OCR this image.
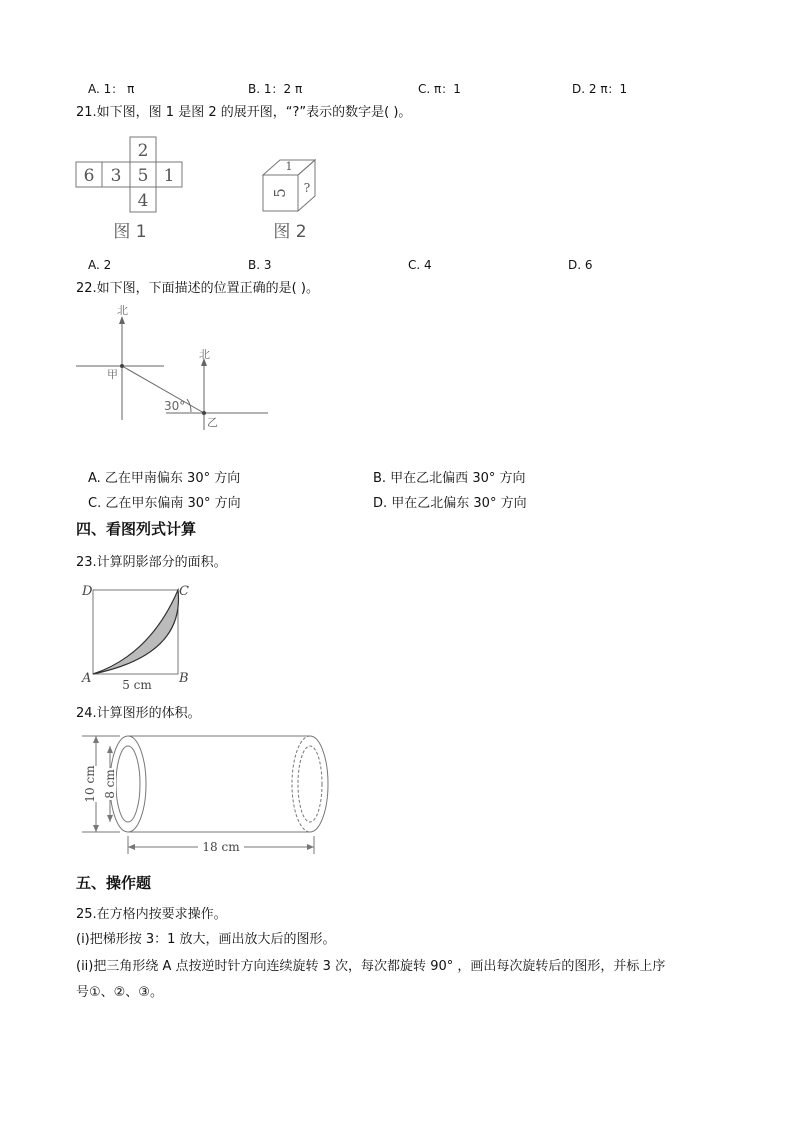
A. 1： π	B. 1：2 π	C. π：1	D. 2 π：1
21.如下图，图 1 是图 2 的展开图，“?”表示的数字是( )。
2
6 3 5 1
4
图 1
1
5 ?
图 2
A. 2	B. 3	C. 4	D. 6
22.如下图，下面描述的位置正确的是( )。
北
北
甲
乙
30°
A. 乙在甲南偏东 30° 方向	B. 甲在乙北偏西 30° 方向
C. 乙在甲东偏南 30° 方向	D. 甲在乙北偏东 30° 方向
四、看图列式计算
23.计算阴影部分的面积。
D	C
A	B
5 cm
24.计算图形的体积。
10 cm 8 cm
18 cm
五、操作题
25.在方格内按要求操作。
(i)把梯形按 3：1 放大，画出放大后的图形。
(ii)把三角形绕 A 点按逆时针方向连续旋转 3 次，每次都旋转 90° ，画出每次旋转后的图形，并标上序
号①、②、③。
